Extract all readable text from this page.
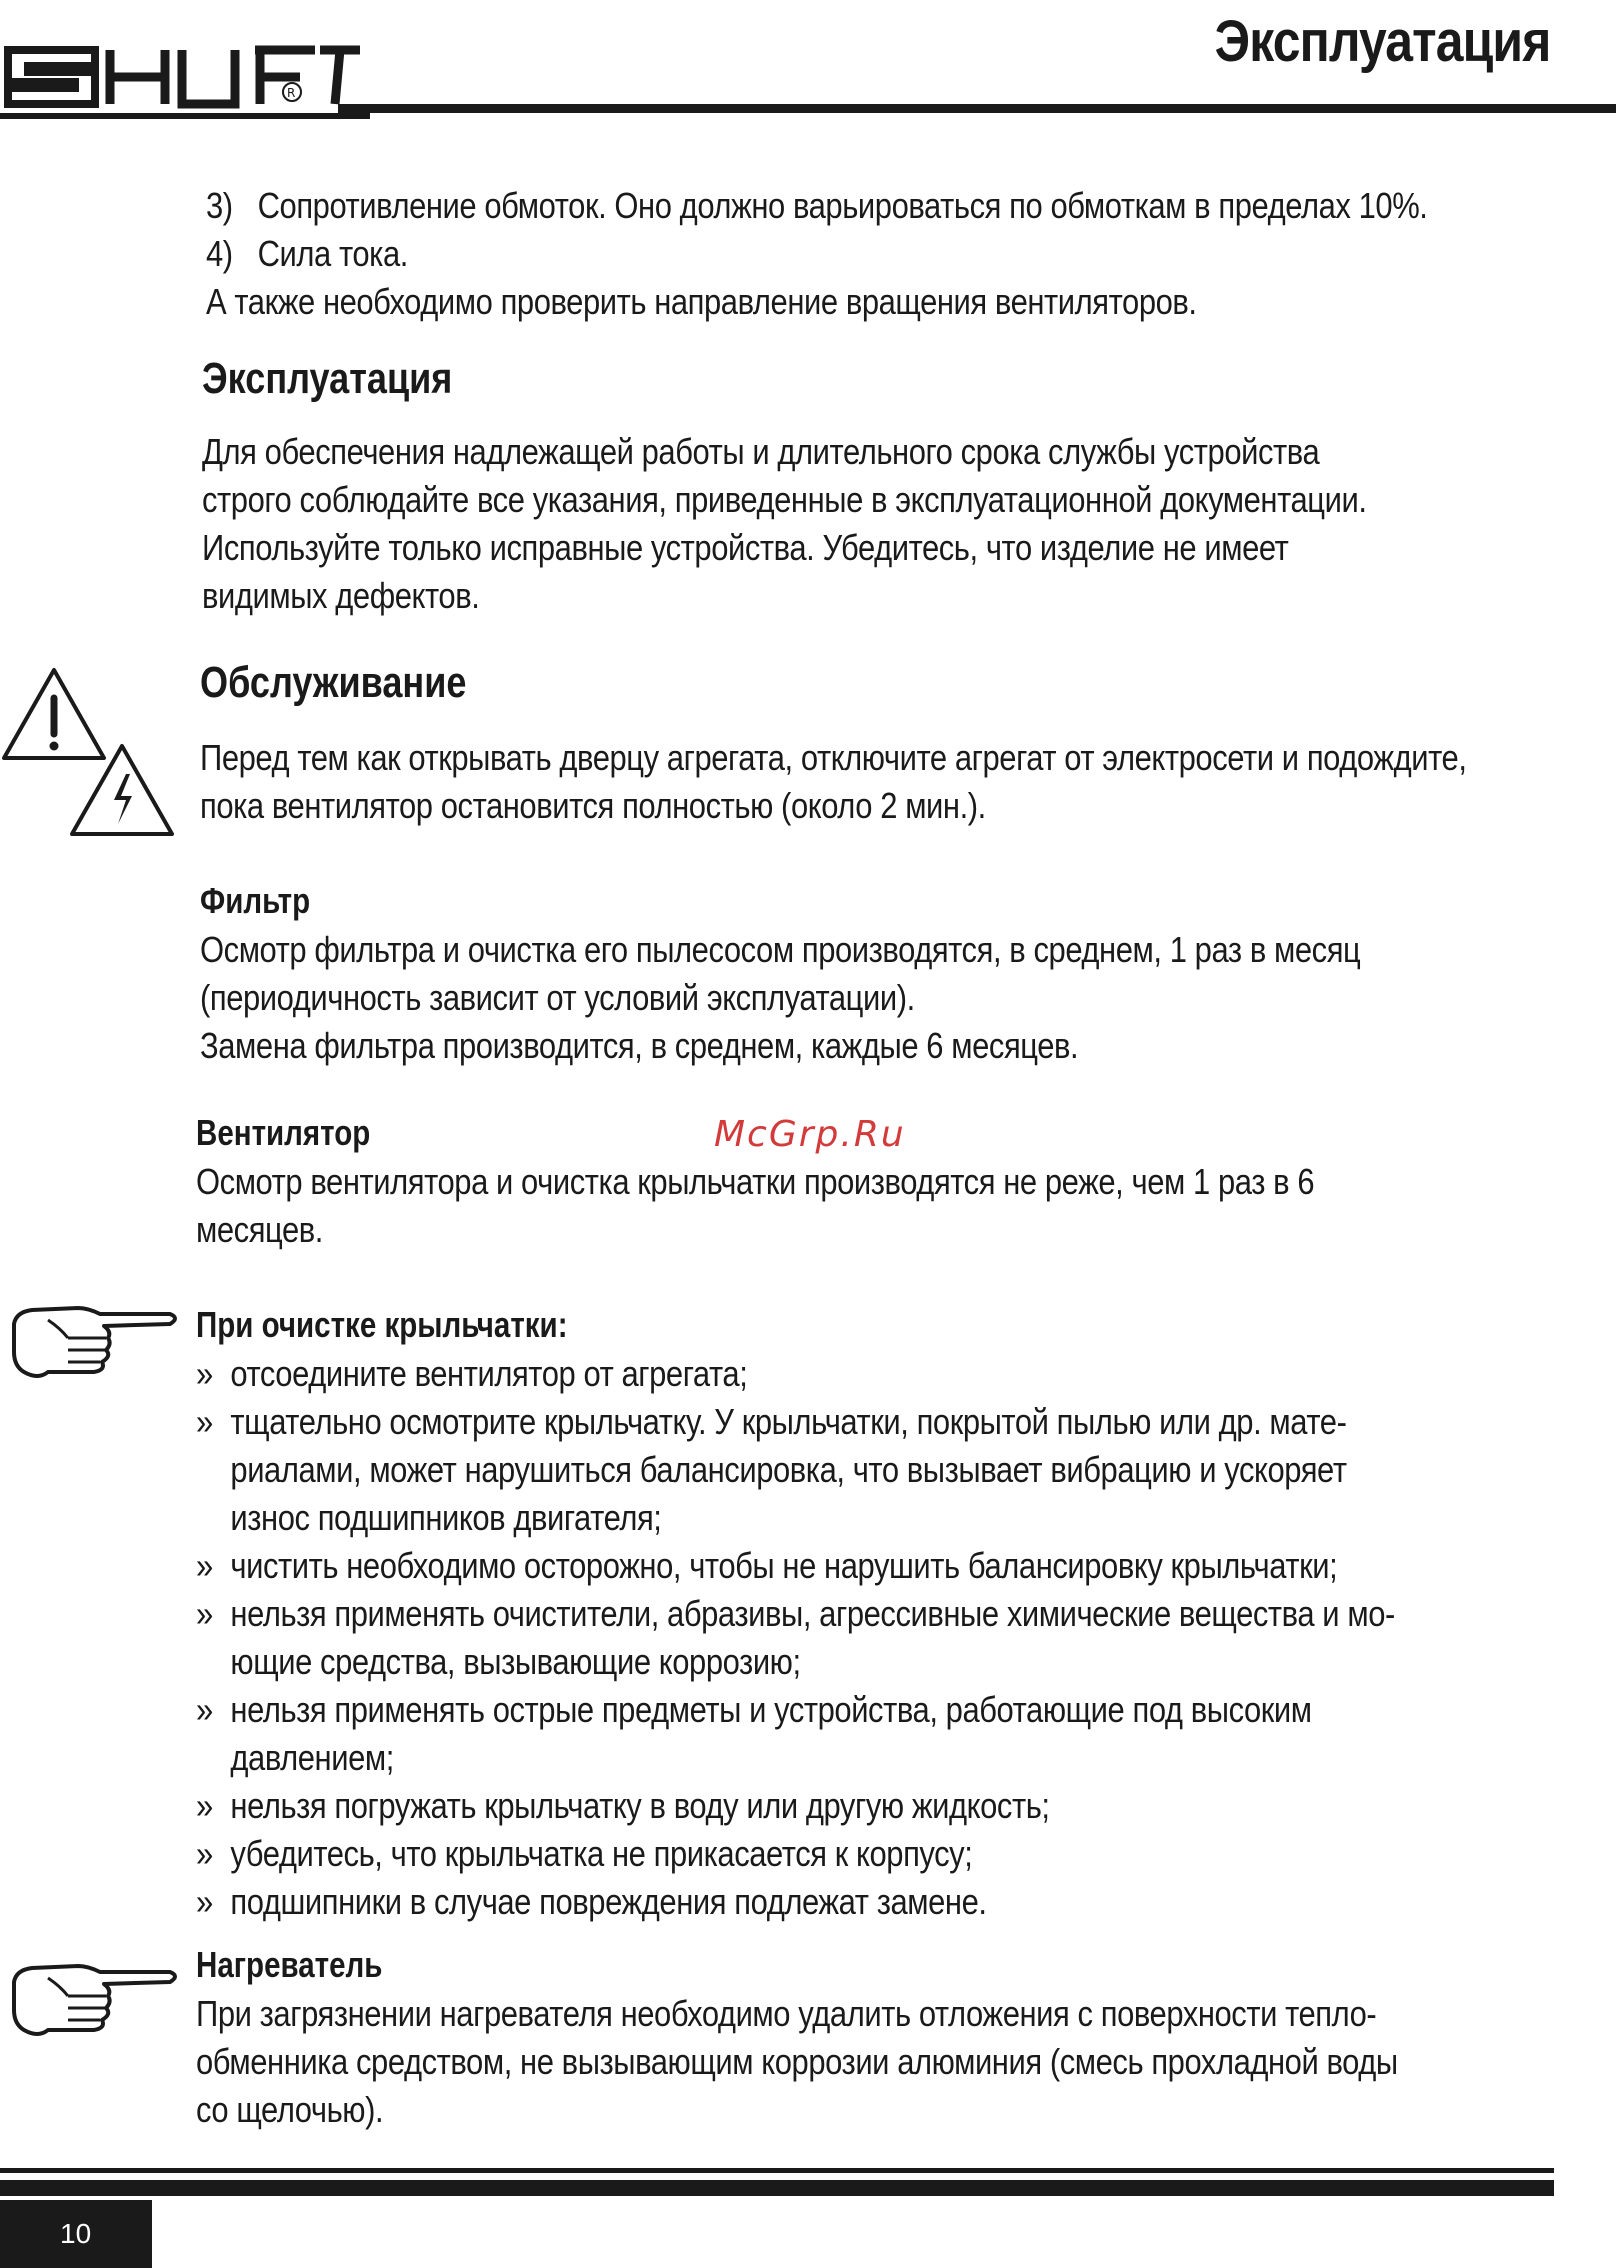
R
Эксплуатация
3) Сопротивление обмоток. Оно должно варьироваться по обмоткам в пределах 10%.
4) Сила тока.
А также необходимо проверить направление вращения вентиляторов.
Эксплуатация
Для обеспечения надлежащей работы и длительного срока службы устройства
строго соблюдайте все указания, приведенные в эксплуатационной документации.
Используйте только исправные устройства. Убедитесь, что изделие не имеет
видимых дефектов.
Обслуживание
Перед тем как открывать дверцу агрегата, отключите агрегат от электросети и подождите,
пока вентилятор остановится полностью (около 2 мин.).
Фильтр
Осмотр фильтра и очистка его пылесосом производятся, в среднем, 1 раз в месяц
(периодичность зависит от условий эксплуатации).
Замена фильтра производится, в среднем, каждые 6 месяцев.
Вентилятор	McGrp.Ru
Осмотр вентилятора и очистка крыльчатки производятся не реже, чем 1 раз в 6
месяцев.
При очистке крыльчатки:
» отсоедините вентилятор от агрегата;
» тщательно осмотрите крыльчатку. У крыльчатки, покрытой пылью или др. мате-
риалами, может нарушиться балансировка, что вызывает вибрацию и ускоряет
износ подшипников двигателя;
» чистить необходимо осторожно, чтобы не нарушить балансировку крыльчатки;
» нельзя применять очистители, абразивы, агрессивные химические вещества и мо-
ющие средства, вызывающие коррозию;
» нельзя применять острые предметы и устройства, работающие под высоким
давлением;
» нельзя погружать крыльчатку в воду или другую жидкость;
» убедитесь, что крыльчатка не прикасается к корпусу;
» подшипники в случае повреждения подлежат замене.
Нагреватель
При загрязнении нагревателя необходимо удалить отложения с поверхности тепло-
обменника средством, не вызывающим коррозии алюминия (смесь прохладной воды
со щелочью).
10
